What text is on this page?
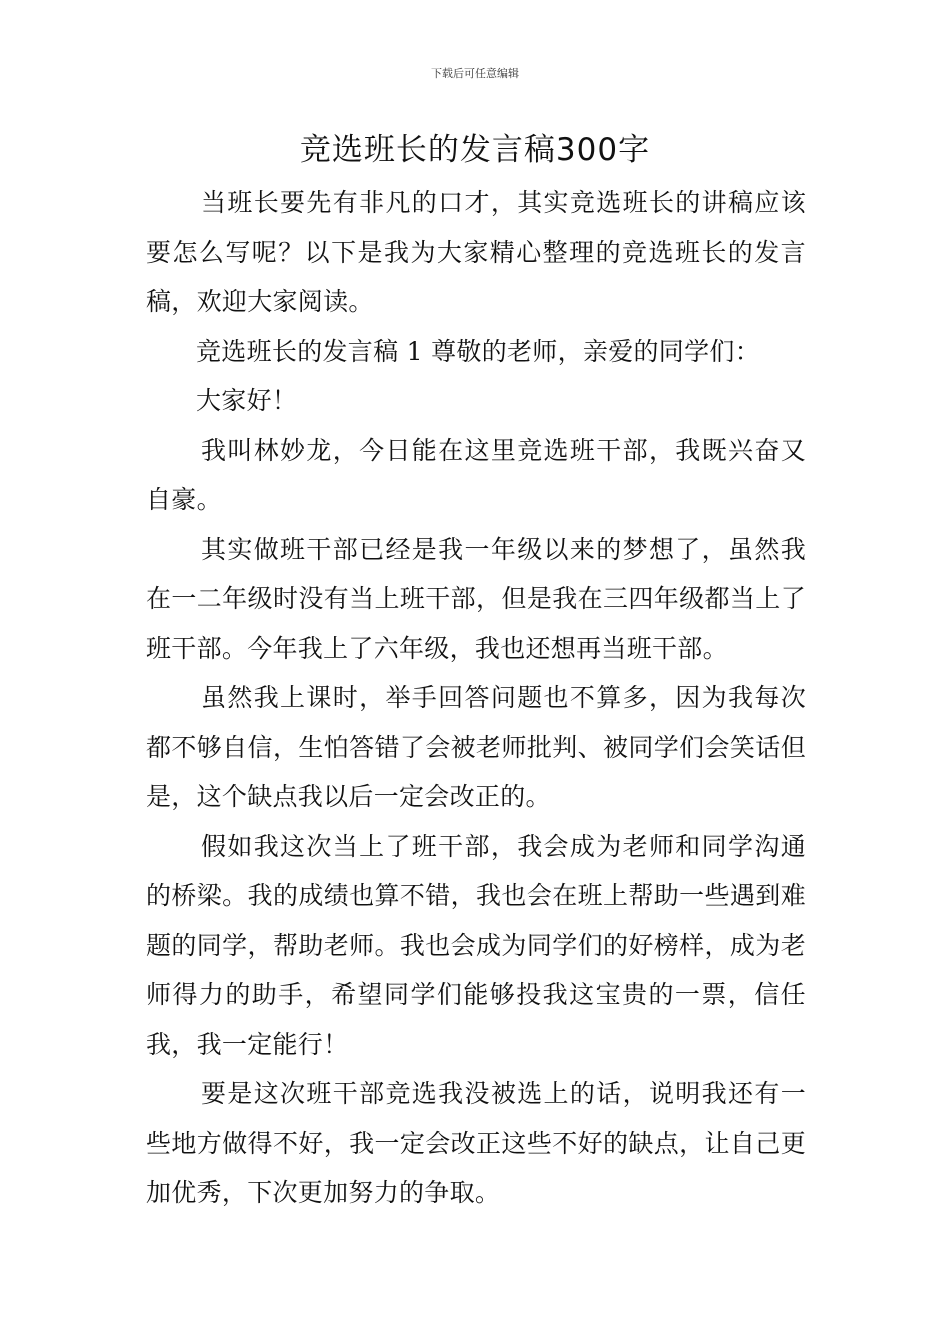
下载后可任意编辑
竞选班长的发言稿300字

当班长要先有非凡的口才，其实竞选班长的讲稿应该要怎么写呢？以下是我为大家精心整理的竞选班长的发言稿，欢迎大家阅读。

竞选班长的发言稿 1 尊敬的老师，亲爱的同学们：

大家好！

我叫林妙龙，今日能在这里竞选班干部，我既兴奋又自豪。

其实做班干部已经是我一年级以来的梦想了，虽然我在一二年级时没有当上班干部，但是我在三四年级都当上了班干部。今年我上了六年级，我也还想再当班干部。

虽然我上课时，举手回答问题也不算多，因为我每次都不够自信，生怕答错了会被老师批判、被同学们会笑话但是，这个缺点我以后一定会改正的。

假如我这次当上了班干部，我会成为老师和同学沟通的桥梁。我的成绩也算不错，我也会在班上帮助一些遇到难题的同学，帮助老师。我也会成为同学们的好榜样，成为老师得力的助手，希望同学们能够投我这宝贵的一票，信任我，我一定能行！

要是这次班干部竞选我没被选上的话，说明我还有一些地方做得不好，我一定会改正这些不好的缺点，让自己更加优秀，下次更加努力的争取。
